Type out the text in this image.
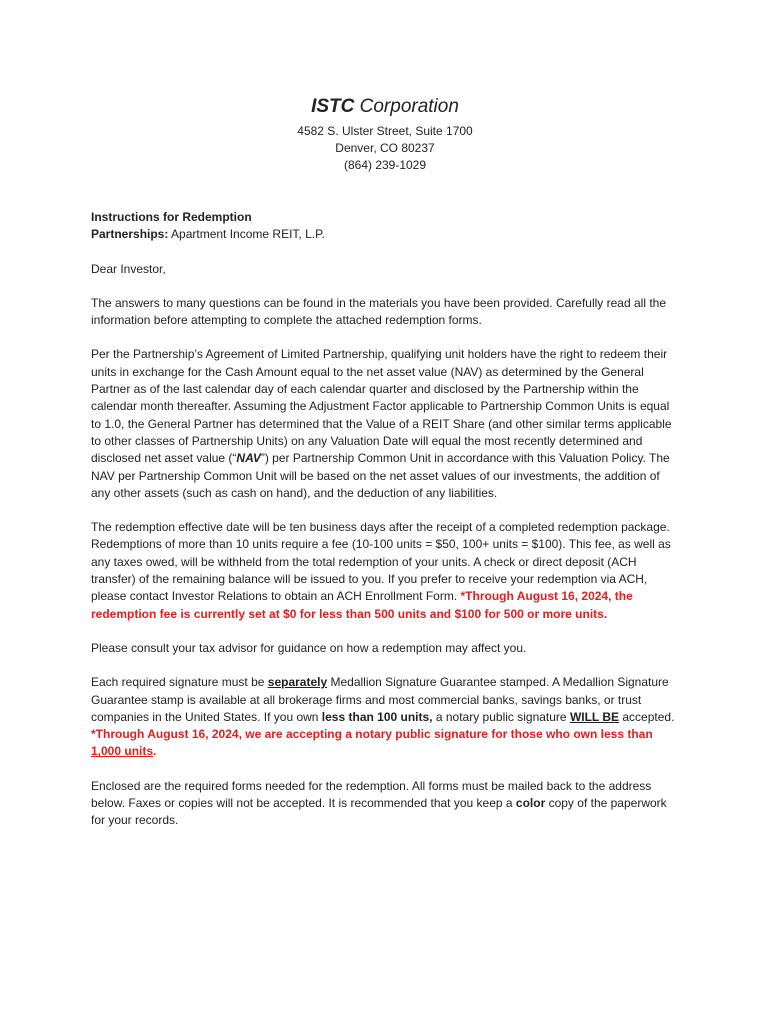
ISTC Corporation
4582 S. Ulster Street, Suite 1700
Denver, CO 80237
(864) 239-1029
Instructions for Redemption
Partnerships: Apartment Income REIT, L.P.

Dear Investor,

The answers to many questions can be found in the materials you have been provided. Carefully read all the information before attempting to complete the attached redemption forms.

Per the Partnership’s Agreement of Limited Partnership, qualifying unit holders have the right to redeem their units in exchange for the Cash Amount equal to the net asset value (NAV) as determined by the General Partner as of the last calendar day of each calendar quarter and disclosed by the Partnership within the calendar month thereafter. Assuming the Adjustment Factor applicable to Partnership Common Units is equal to 1.0, the General Partner has determined that the Value of a REIT Share (and other similar terms applicable to other classes of Partnership Units) on any Valuation Date will equal the most recently determined and disclosed net asset value (“NAV”) per Partnership Common Unit in accordance with this Valuation Policy. The NAV per Partnership Common Unit will be based on the net asset values of our investments, the addition of any other assets (such as cash on hand), and the deduction of any liabilities.

The redemption effective date will be ten business days after the receipt of a completed redemption package. Redemptions of more than 10 units require a fee (10-100 units = $50, 100+ units = $100). This fee, as well as any taxes owed, will be withheld from the total redemption of your units. A check or direct deposit (ACH transfer) of the remaining balance will be issued to you. If you prefer to receive your redemption via ACH, please contact Investor Relations to obtain an ACH Enrollment Form. *Through August 16, 2024, the redemption fee is currently set at $0 for less than 500 units and $100 for 500 or more units.

Please consult your tax advisor for guidance on how a redemption may affect you.

Each required signature must be separately Medallion Signature Guarantee stamped. A Medallion Signature Guarantee stamp is available at all brokerage firms and most commercial banks, savings banks, or trust companies in the United States. If you own less than 100 units, a notary public signature WILL BE accepted. *Through August 16, 2024, we are accepting a notary public signature for those who own less than 1,000 units.

Enclosed are the required forms needed for the redemption. All forms must be mailed back to the address below. Faxes or copies will not be accepted. It is recommended that you keep a color copy of the paperwork for your records.
